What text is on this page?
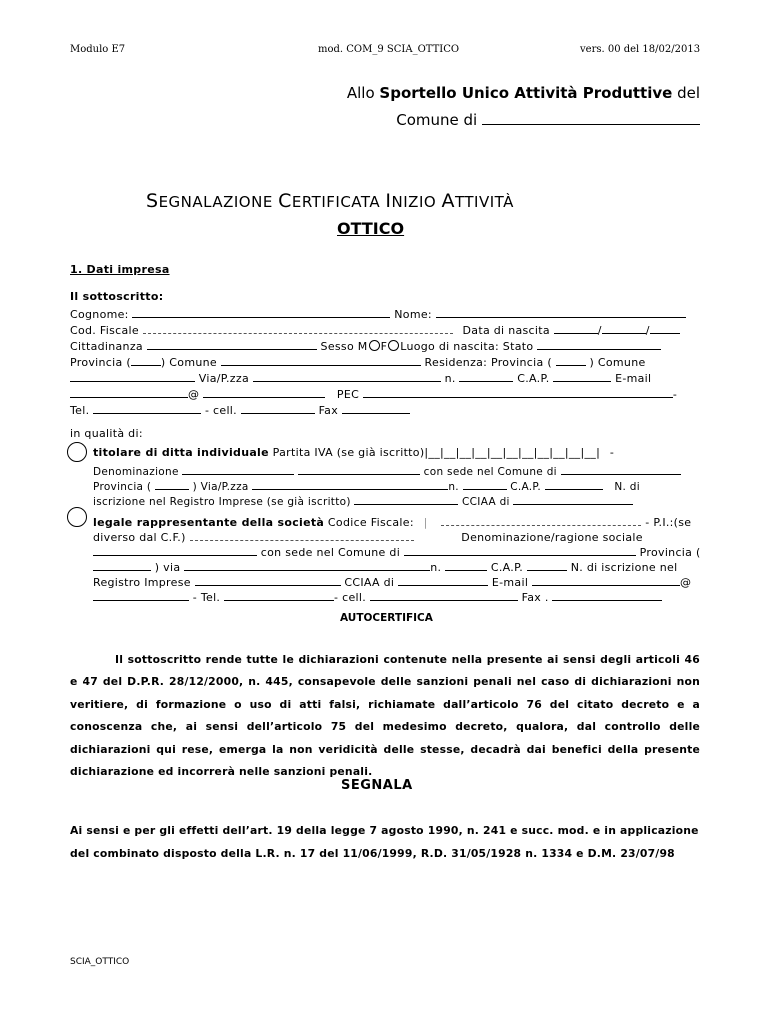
Modulo E7	mod. COM_9 SCIA_OTTICO	vers. 00 del 18/02/2013
Allo Sportello Unico Attività Produttive del
Comune di
SEGNALAZIONE CERTIFICATA INIZIO ATTIVITÀ
OTTICO
1. Dati impresa
Il sottoscritto:
Cognome:	Nome:
Cod. Fiscale	Data di nascita	/	/
Cittadinanza	Sesso M F Luogo di nascita: Stato
Provincia (	) Comune	Residenza: Provincia (	) Comune
Via/P.zza	n.	C.A.P.	E-mail
@	PEC	-
Tel.	- cell.	Fax
in qualità di:
titolare di ditta individuale Partita IVA (se già iscritto)|__|__|__|__|__|__|__|__|__|__|__| -
Denominazione	con sede nel Comune di
Provincia (	) Via/P.zza	n.	C.A.P.	N. di
iscrizione nel Registro Imprese (se già iscritto)	CCIAA di
legale rappresentante della società Codice Fiscale: |	- P.I.:(se
diverso dal C.F.)	Denominazione/ragione sociale
con sede nel Comune di	Provincia (
) via	n.	C.A.P.	N. di iscrizione nel
Registro Imprese	CCIAA di	E-mail	@
- Tel.	- cell.	Fax .
AUTOCERTIFICA
Il sottoscritto rende tutte le dichiarazioni contenute nella presente ai sensi degli articoli 46 e 47 del D.P.R. 28/12/2000, n. 445, consapevole delle sanzioni penali nel caso di dichiarazioni non veritiere, di formazione o uso di atti falsi, richiamate dall’articolo 76 del citato decreto e a conoscenza che, ai sensi dell’articolo 75 del medesimo decreto, qualora, dal controllo delle dichiarazioni qui rese, emerga la non veridicità delle stesse, decadrà dai benefici della presente dichiarazione ed incorrerà nelle sanzioni penali.
SEGNALA
Ai sensi e per gli effetti dell’art. 19 della legge 7 agosto 1990, n. 241 e succ. mod. e in applicazione del combinato disposto della L.R. n. 17 del 11/06/1999, R.D. 31/05/1928 n. 1334 e D.M. 23/07/98
SCIA_OTTICO
